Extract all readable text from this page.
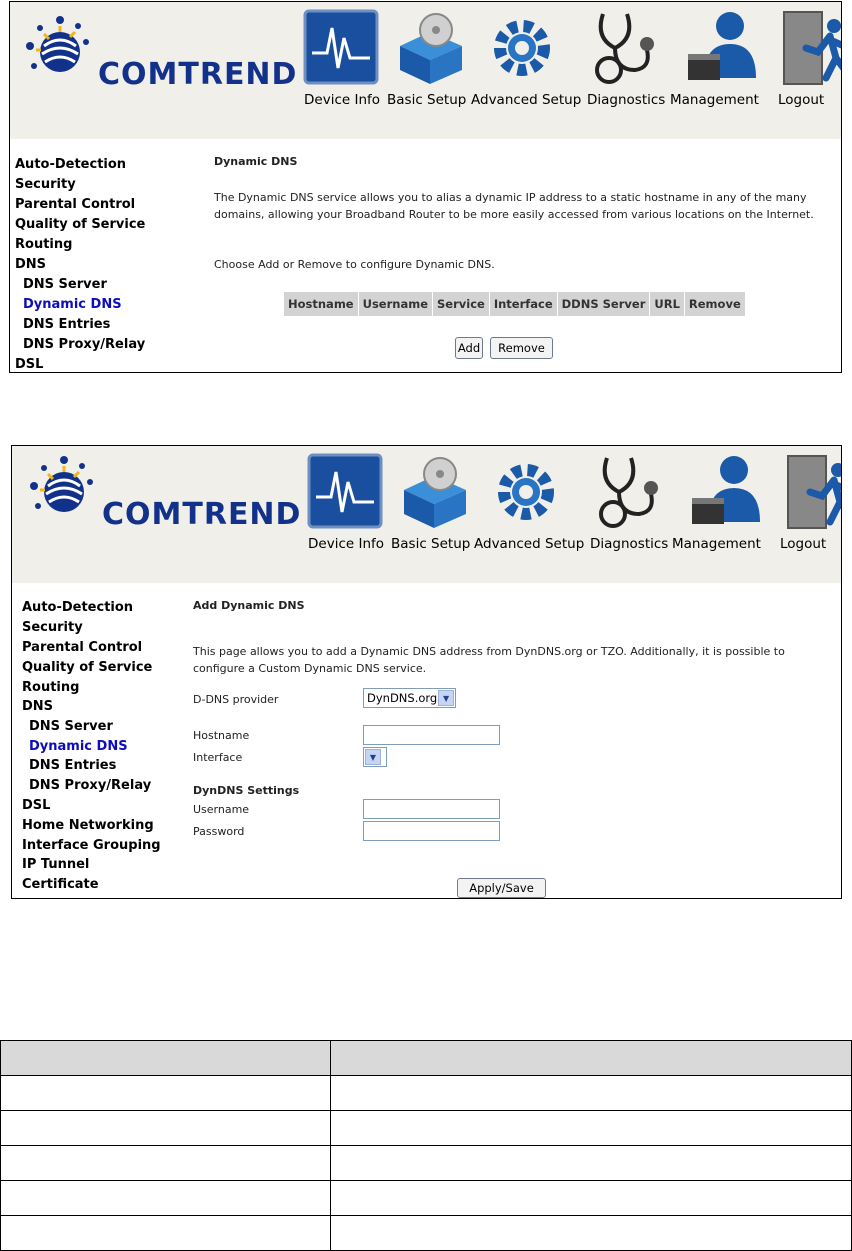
COMTREND
Device Info Basic Setup Advanced Setup Diagnostics Management Logout
Auto-Detection
Security
Parental Control
Quality of Service
Routing
DNS
DNS Server
Dynamic DNS
DNS Entries
DNS Proxy/Relay
DSL
Dynamic DNS
The Dynamic DNS service allows you to alias a dynamic IP address to a static hostname in any of the many domains, allowing your Broadband Router to be more easily accessed from various locations on the Internet.
Choose Add or Remove to configure Dynamic DNS.
Hostname	Username	Service	Interface	DDNS Server	URL	Remove
Add	Remove
COMTREND
Device Info Basic Setup Advanced Setup Diagnostics Management Logout
Auto-Detection
Security
Parental Control
Quality of Service
Routing
DNS
DNS Server
Dynamic DNS
DNS Entries
DNS Proxy/Relay
DSL
Home Networking
Interface Grouping
IP Tunnel
Certificate
Add Dynamic DNS
This page allows you to add a Dynamic DNS address from DynDNS.org or TZO. Additionally, it is possible to configure a Custom Dynamic DNS service.
D-DNS provider	DynDNS.org ▼
Hostname
Interface	▼
DynDNS Settings
Username
Password
Apply/Save
